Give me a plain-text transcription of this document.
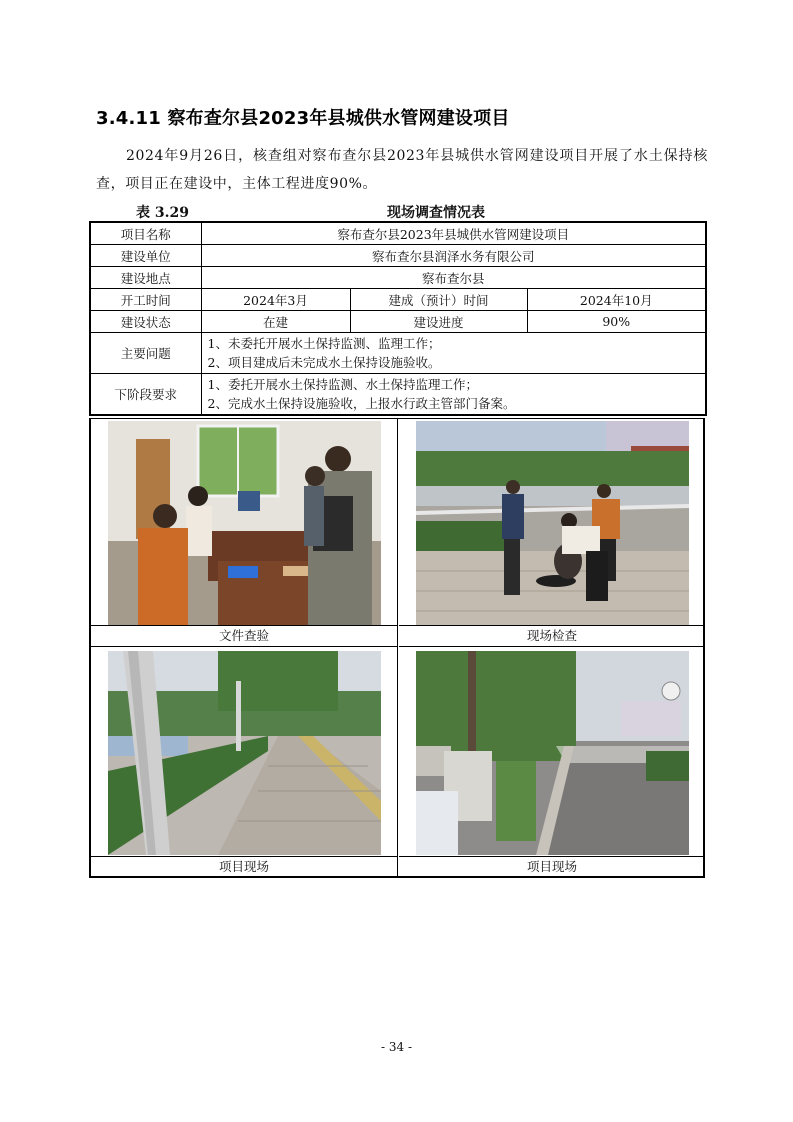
3.4.11 察布查尔县2023年县城供水管网建设项目
2024年9月26日，核查组对察布查尔县2023年县城供水管网建设项目开展了水土保持核查，项目正在建设中，主体工程进度90%。
表 3.29	现场调查情况表
项目名称	察布查尔县2023年县城供水管网建设项目		
建设单位	察布查尔县润泽水务有限公司		
建设地点	察布查尔县		
开工时间	2024年3月	建成（预计）时间	2024年10月
建设状态	在建	建设进度	90%
主要问题	1、未委托开展水土保持监测、监理工作；
2、项目建成后未完成水土保持设施验收。		

下阶段要求	1、委托开展水土保持监测、水土保持监理工作；
2、完成水土保持设施验收，上报水行政主管部门备案。		
文件查验	现场检查
项目现场	项目现场
- 34 -
